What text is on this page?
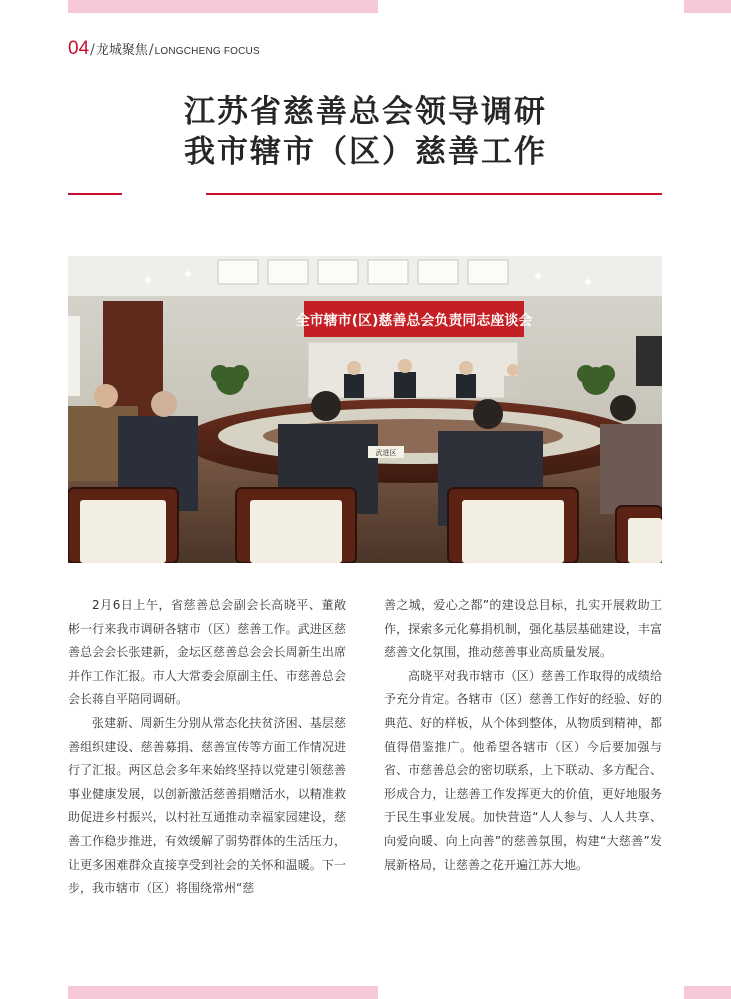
04 / 龙城聚焦 / LONGCHENG FOCUS
江苏省慈善总会领导调研
我市辖市（区）慈善工作
全市辖市(区)慈善总会负责同志座谈会
武进区

2月6日上午，省慈善总会副会长高晓平、董敞彬一行来我市调研各辖市（区）慈善工作。武进区慈善总会会长张建新，金坛区慈善总会会长周新生出席并作工作汇报。市人大常委会原副主任、市慈善总会会长蒋自平陪同调研。

张建新、周新生分别从常态化扶贫济困、基层慈善组织建设、慈善募捐、慈善宣传等方面工作情况进行了汇报。两区总会多年来始终坚持以党建引领慈善事业健康发展，以创新激活慈善捐赠活水，以精准救助促进乡村振兴，以村社互通推动幸福家园建设，慈善工作稳步推进，有效缓解了弱势群体的生活压力，让更多困难群众直接享受到社会的关怀和温暖。下一步，我市辖市（区）将围绕常州“慈

善之城，爱心之都”的建设总目标，扎实开展救助工作，探索多元化募捐机制，强化基层基础建设，丰富慈善文化氛围，推动慈善事业高质量发展。

高晓平对我市辖市（区）慈善工作取得的成绩给予充分肯定。各辖市（区）慈善工作好的经验、好的典范、好的样板，从个体到整体，从物质到精神，都值得借鉴推广。他希望各辖市（区）今后要加强与省、市慈善总会的密切联系，上下联动、多方配合、形成合力，让慈善工作发挥更大的价值，更好地服务于民生事业发展。加快营造“人人参与、人人共享、向爱向暖、向上向善”的慈善氛围，构建“大慈善”发展新格局，让慈善之花开遍江苏大地。
